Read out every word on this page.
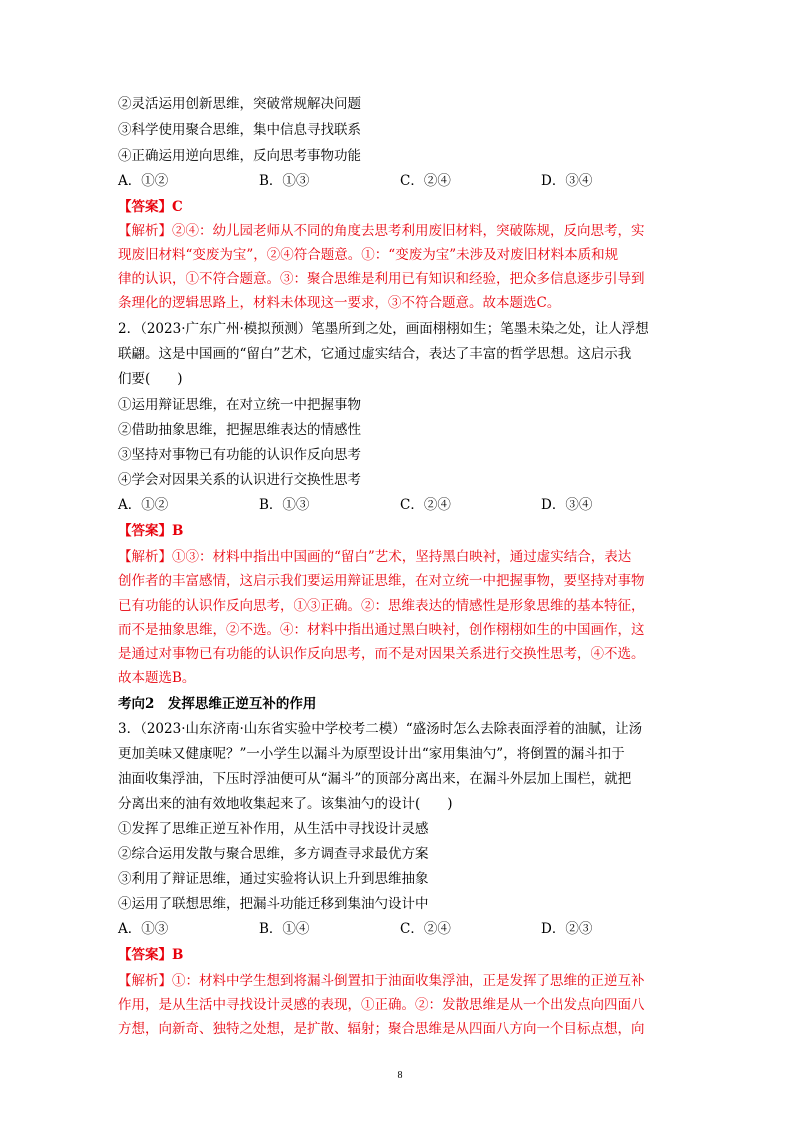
②灵活运用创新思维，突破常规解决问题
③科学使用聚合思维，集中信息寻找联系
④正确运用逆向思维，反向思考事物功能
A．①②	B．①③	C．②④	D．③④
【答案】C
【解析】②④：幼儿园老师从不同的角度去思考利用废旧材料，突破陈规，反向思考，实
现废旧材料“变废为宝”，②④符合题意。①：“变废为宝”未涉及对废旧材料本质和规
律的认识，①不符合题意。③：聚合思维是利用已有知识和经验，把众多信息逐步引导到
条理化的逻辑思路上，材料未体现这一要求，③不符合题意。故本题选C。
2．（2023·广东广州·模拟预测）笔墨所到之处，画面栩栩如生；笔墨未染之处，让人浮想
联翩。这是中国画的“留白”艺术，它通过虚实结合，表达了丰富的哲学思想。这启示我
们要(　　)
①运用辩证思维，在对立统一中把握事物
②借助抽象思维，把握思维表达的情感性
③坚持对事物已有功能的认识作反向思考
④学会对因果关系的认识进行交换性思考
A．①②	B．①③	C．②④	D．③④
【答案】B
【解析】①③：材料中指出中国画的“留白”艺术，坚持黑白映衬，通过虚实结合，表达
创作者的丰富感情，这启示我们要运用辩证思维，在对立统一中把握事物，要坚持对事物
已有功能的认识作反向思考，①③正确。②：思维表达的情感性是形象思维的基本特征，
而不是抽象思维，②不选。④：材料中指出通过黑白映衬，创作栩栩如生的中国画作，这
是通过对事物已有功能的认识作反向思考，而不是对因果关系进行交换性思考，④不选。
故本题选B。
考向2　发挥思维正逆互补的作用
3．（2023·山东济南·山东省实验中学校考二模）“盛汤时怎么去除表面浮着的油腻，让汤
更加美味又健康呢？”一小学生以漏斗为原型设计出“家用集油勺”，将倒置的漏斗扣于
油面收集浮油，下压时浮油便可从“漏斗”的顶部分离出来，在漏斗外层加上围栏，就把
分离出来的油有效地收集起来了。该集油勺的设计(　　)
①发挥了思维正逆互补作用，从生活中寻找设计灵感
②综合运用发散与聚合思维，多方调查寻求最优方案
③利用了辩证思维，通过实验将认识上升到思维抽象
④运用了联想思维，把漏斗功能迁移到集油勺设计中
A．①③	B．①④	C．②④	D．②③
【答案】B
【解析】①：材料中学生想到将漏斗倒置扣于油面收集浮油，正是发挥了思维的正逆互补
作用，是从生活中寻找设计灵感的表现，①正确。②：发散思维是从一个出发点向四面八
方想，向新奇、独特之处想，是扩散、辐射；聚合思维是从四面八方向一个目标点想，向
8
